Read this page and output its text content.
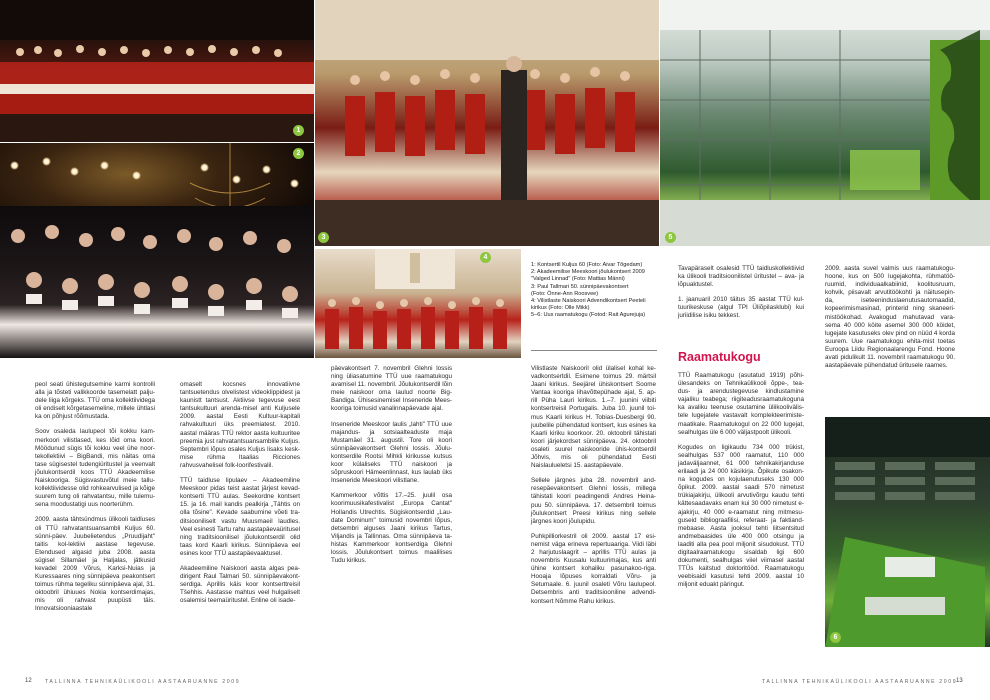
1
2
3
4
5
6
1: Kontsertil Kuljus 60 (Foto: Aivar Tõgedam)
2: Akadeemilise Meeskoori jõulukontsert 2009
"Valged Linnad" (Foto: Mattias Männi)
3: Paul Tallmari 50. sünnipäevakontsert
(Foto: Önne-Ann Roosvee)
4: Vilistlaste Naiskoori Advendikontsert Peeteli
kirikus (Foto: Olle Mikk)
5–6: Uus raamatukogu (Fotod: Rait Agurejuja)

peol seati ühistegutsemine karmi kontrolli alla ja tõsteti valikkoorde tasemelatt palju-dele liiga kõrgeks. TTÜ oma kollektiividega oli endiselt kõrgetasemeline, millele ühtlasi ka on põhjust rõõmustada.

Soov osaleda laulupeol tõi kokku kam-merkoori vilistlased, kes lõid oma koori. Möödunud sügis tõi kokku veel ühe noor-tekollektiivi – BigBandi, mis näitas oma tase sügisestel tudengiüritustel ja veenvalt jõulukontserdil koos TTÜ Akadeemilise Naiskooriga. Sügisvastuvõtul meie tallu-kollektiividesse olid rohkearvulised ja kõige suurem tung oli rahvatantsu, mille tulemu-sena moodustatigi uus noorterühm.

2009. aasta tähtsündmus ülikooli taidluses oli TTÜ rahvatantsuansambli Kuljus 60. sünni-päev. Juubelietendus „Pruudijaht" taitis kol-lektiivi aastase tegevuse. Etendused algasid juba 2008. aasta sügisel Sillamäel ja Haljalas, jätkusid kevadel 2009 Võrus, Karksi-Nuias ja Kuressaares ning sünnipäeva peakontsert toimus rühma tegeliku sünnipäeva ajal, 31. oktoobril ühiuues Nokia kontserdimajas, mis oli rahvast puupüsti täis. Innovatsiooniaastale

omaselt kocsnes innovatiivne tantsuetendus olvelistest videoklippidest ja kaunistt tantsust. Aktiivse tegevuse eest tantsukultuuri arenda-misel anti Kuljusele 2009. aastal Eesti Kultuur-kapitali rahvakultuuri üks preemiatest. 2010. aastal määras TTÜ rektor aasta kultuuritee preemia just rahvatantsuansamblile Kuljus. Septembri lõpus osales Kuljus lisaks kesk-mise rühma Itaalias Ricciones rahvusvahelisel folk-loorifestivalil.

TTÜ taidluse lipulaev – Akadeemiline Meeskoor pidas teist aastat järjest kevad-kontserti TTÜ aulas. Seekordne kontsert 15. ja 16. mail kandis pealkirja „Tähtis on olla tõsine". Kevade saabumine võeti tra-ditsiooniliselt vastu Muusmaeil laudles. Veel esinesti Tartu rahu aastapäevaüritusel ning traditsioonilisel jõulukontserdil olid taas kord Kaarli kirikus. Sünnipäeva eel esines koor TTÜ aastapäevaaktusel.

Akadeemiline Naiskoori aasta algas pea-dirigent Raul Talmari 50. sünnipäevakont-serdiga. Aprillis käis koor kontserttreisil Tšehhis. Aastasse mahtus veel hulgaliselt osalemisi teemaüritustel. Enline oli isade-

päevakontsert 7. novembril Glehni lossis ning üliasatumine TTÜ uue raamatukogu avamisel 11. novembril. Jõulukontserdil lõin meie naiskoor oma laulud noorte Big-Bandiga. Ühisesinemisel Inseneride Mees-kooriga toimusid vanalinnapäevade ajal.

Inseneride Meeskoor laulis „lahti" TTÜ uue majandus- ja sotsiaalteaduste maja Mustamäel 31. augustil. Tore oli koori sünnipäevakontsert Glehni lossis. Jõulu-kontserdile Rootsi Mihkli kirikusse kutsus koor külaliseks TTÜ naiskoori ja sõpruskoori Hämeenlinnast, kus laulab üks Inseneride Meeskoori vilistlane.

Kammerkoor võttis 17.–25. juulil osa koorimuusikafestivalist „Europa Cantat" Hollandis Utrechtis. Sügiskontserdid „Lau-date Dominum" toimusid novembri lõpus, detsembri alguses Jaani kirikus Tartus, Viljandis ja Tallinnas. Oma sünnipäeva ta-histas Kammerkoor kontserdiga Glehni lossis. Jõulukontsert toimus maalilises Tudu kirikus.

Vilistlaste Naiskooril olid ülalisel kohal ke-vadkontsertdil. Esimene toimus 29. märtsil Jaani kirikus. Seejärel ühiskontsert Soome Vantaa kooriga lihavõttepühade ajal, 5. ap-rill Püha Lauri kirikus. 1.–7. juunini viibiti kontsertreisil Portugalis. Juba 10. juunil toi-mus Kaarli kirikus H. Tobias-Duesbergi 90. juubelile pühendatud kontsert, kus esines ka Kaarli kiriku koorkoor. 20. oktoobril tähistati koori järjekordset sünnipäeva. 24. oktoobril osaleti suurel naiskooride ühis-kontserdil Jõhvis, mis oli pühendatud Eesti Naislaulueletsi 15. aastapäevale.

Sellele järgnes juba 28. novembril and-resepäevakontsert Glehni lossis, millega tähistati koori peadingendi Andres Heina-puu 50. sünnipäeva. 17. detsembril toimus jõulukontsert Preesi kirikus ning sellele järgnes koori jõulupidu.

Puhkpilliorkestril oli 2009. aastal 17 esi-nemist väga erineva repertuaariga. Viidi läbi 2 harjutuslaagrit – aprillis TTÜ aulas ja novembris Kuusalu kultuurimajas, kus anti ühine kontsert kohaliku pasunakoo-riga. Hooaja lõpuses korraldati Võru- ja Setumaale. 6. juunil osaleti Võru laulupeol. Detsembris anti traditsiooniline advendi-kontsert Nõmme Rahu kirikus.

Tavapäraselt osalesid TTÜ taidluskollektiivid ka ülikooli traditsioonilistel üritustel – ava- ja lõpuaktustel.

1. jaanuaril 2010 täitus 35 aastat TTÜ kul-tuurikeskuse (algul TPI Üliõpilasklubi) kui juriidilise isiku tekkest.

Raamatukogu

TTÜ Raamatukogu (asutatud 1919) põhi-ülesandeks on Tehnikaülikooli õppe-, tea-dus- ja arendustegevuse kindlustamine vajaliku teabega; riigiteadusraamatukoguna ka avaliku teenuse osutamine üliikoolivälis-tele lugejatele vastavalt komplekteerimiste-maatikale. Raamatukogul on 22 000 lugejat, sealhulgas üle 6 000 väljastpoolt ülikooli.

Kogudes on ligikaudu 734 000 trükist, sealhulgas 537 000 raamatut, 110 000 jadaväljaannet, 61 000 tehnikakirjanduse erilaadi ja 24 000 käsikirja. Õpikute osakon-na kogudes on kojulaenutuseks 130 000 õpikut. 2009. aastal saadi 570 nimetust trükiajakirju, ülikooli arvutivõrgu kaudu tehti kättesaadavaks enam kui 30 000 nimetust e-ajakirju, 40 000 e-raamatut ning mitmesu-guseid bibliograafilisi, referaat- ja faktiand-mebaase. Aasta jooksul tehti liitsentsitud andmebaasides üle 400 000 otsingu ja laaditi alla pea pool miljonit sisudokust. TTÜ digitaalraamatukogu sisaldab ligi 600 dokumenti, sealhulgas viiel viimasel aastal TTÜs kaitstud doktoritööd. Raamatukogu veebisaidi kasutusi tehti 2009. aastal 10 miljonit eduakt päringut.

2009. aasta suvel valmis uus raamatukogu-hoone, kus on 500 lugejakohta, rühmatöö-ruumid, individuaalkabiinid, koolitusruum, kohvik, piisavalt arvutitöökohti ja näitusepin-da, iseteeninduslaenutusautomaadid, kopeerimismasinad, printerid ning skaneeri-mistöökohad. Avakogud mahutavad vara-sema 40 000 köite asemel 300 000 köidet, lugejate kasutuseks olev pind on nüüd 4 korda suurem. Uue raamatukogu ehita-mist toetas Euroopa Liidu Regionaalarengu Fond. Hoone avati pidulikult 11. novembril raamatukogu 90. aastapäevale pühendatud üritusele raames.

12	TALLINNA TEHNIKAÜLIKOOLI AASTAARUANNE 2009	TALLINNA TEHNIKAÜLIKOOLI AASTAARUANNE 2009
13
